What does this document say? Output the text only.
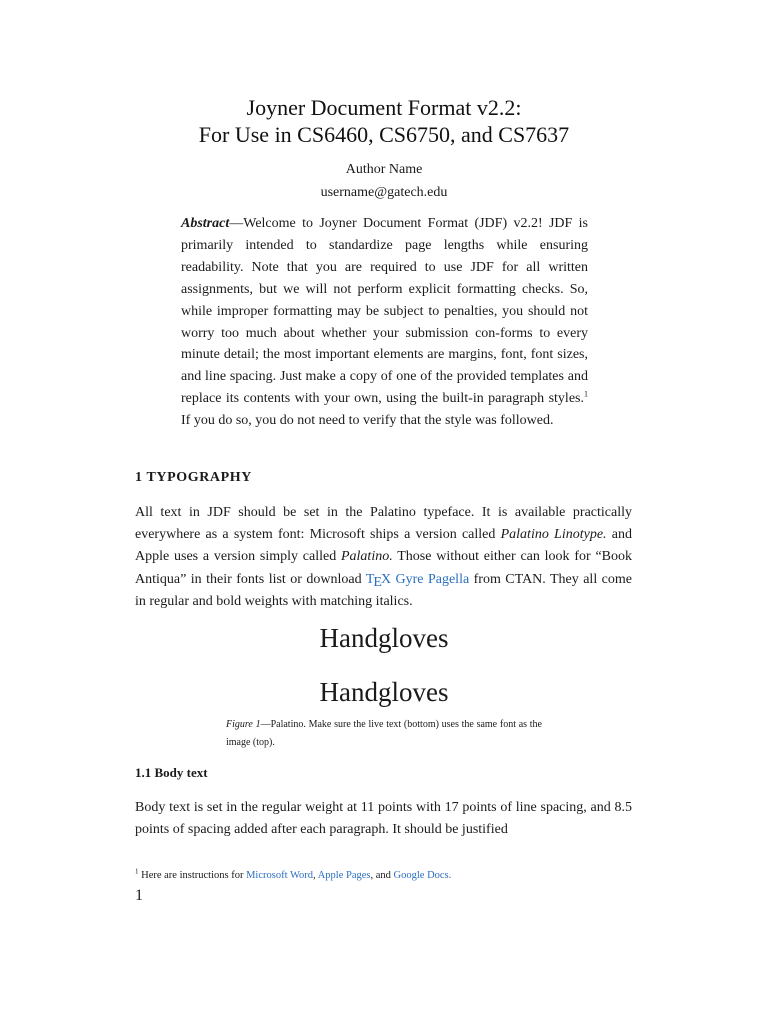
Joyner Document Format v2.2:
For Use in CS6460, CS6750, and CS7637
Author Name
username@gatech.edu

Abstract—Welcome to Joyner Document Format (JDF) v2.2! JDF is primarily intended to standardize page lengths while ensuring readability. Note that you are required to use JDF for all written assignments, but we will not perform explicit formatting checks. So, while improper formatting may be subject to penalties, you should not worry too much about whether your submission con-forms to every minute detail; the most important elements are margins, font, font sizes, and line spacing. Just make a copy of one of the provided templates and replace its contents with your own, using the built-in paragraph styles.$^1$ If you do so, you do not need to verify that the style was followed.

1 TYPOGRAPHY

All text in JDF should be set in the Palatino typeface. It is available practically everywhere as a system font: Microsoft ships a version called Palatino Linotype. and Apple uses a version simply called Palatino. Those without either can look for “Book Antiqua” in their fonts list or download TEX Gyre Pagella from CTAN. They all come in regular and bold weights with matching italics.

Handgloves
Handgloves

Figure 1—Palatino. Make sure the live text (bottom) uses the same font as the image (top).

1.1 Body text

Body text is set in the regular weight at 11 points with 17 points of line spacing, and 8.5 points of spacing added after each paragraph. It should be justified

$^1$ Here are instructions for Microsoft Word, Apple Pages, and Google Docs.

1
